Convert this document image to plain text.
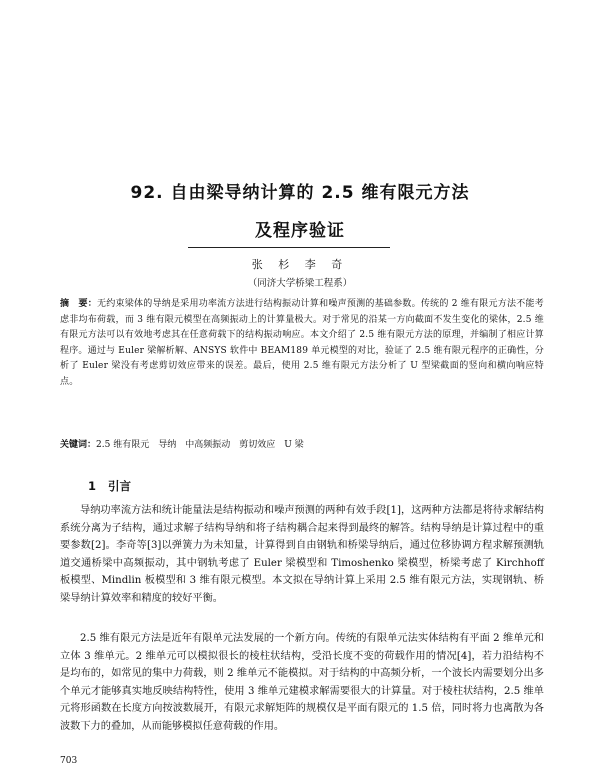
92. 自由梁导纳计算的 2.5 维有限元方法
及程序验证
张 杉 李 奇
（同济大学桥梁工程系）
摘　要：无约束梁体的导纳是采用功率流方法进行结构振动计算和噪声预测的基础参数。传统的 2 维有限元方法不能考虑非均布荷载，而 3 维有限元模型在高频振动上的计算量极大。对于常见的沿某一方向截面不发生变化的梁体，2.5 维有限元方法可以有效地考虑其在任意荷载下的结构振动响应。本文介绍了 2.5 维有限元方法的原理，并编制了相应计算程序。通过与 Euler 梁解析解、ANSYS 软件中 BEAM189 单元模型的对比，验证了 2.5 维有限元程序的正确性，分析了 Euler 梁没有考虑剪切效应带来的误差。最后，使用 2.5 维有限元方法分析了 U 型梁截面的竖向和横向响应特点。
关键词：2.5 维有限元　导纳　中高频振动　剪切效应　U 梁
1 引言
导纳功率流方法和统计能量法是结构振动和噪声预测的两种有效手段[1]，这两种方法都是将待求解结构系统分离为子结构，通过求解子结构导纳和将子结构耦合起来得到最终的解答。结构导纳是计算过程中的重要参数[2]。李奇等[3]以弹簧力为未知量，计算得到自由钢轨和桥梁导纳后，通过位移协调方程求解预测轨道交通桥梁中高频振动，其中钢轨考虑了 Euler 梁模型和 Timoshenko 梁模型，桥梁考虑了 Kirchhoff 板模型、Mindlin 板模型和 3 维有限元模型。本文拟在导纳计算上采用 2.5 维有限元方法，实现钢轨、桥梁导纳计算效率和精度的较好平衡。
2.5 维有限元方法是近年有限单元法发展的一个新方向。传统的有限单元法实体结构有平面 2 维单元和立体 3 维单元。2 维单元可以模拟很长的棱柱状结构，受沿长度不变的荷载作用的情况[4]，若力沿结构不是均布的，如常见的集中力荷载，则 2 维单元不能模拟。对于结构的中高频分析，一个波长内需要划分出多个单元才能够真实地反映结构特性，使用 3 维单元建模求解需要很大的计算量。对于棱柱状结构，2.5 维单元将形函数在长度方向按波数展开，有限元求解矩阵的规模仅是平面有限元的 1.5 倍，同时将力也离散为各波数下力的叠加，从而能够模拟任意荷载的作用。
703
